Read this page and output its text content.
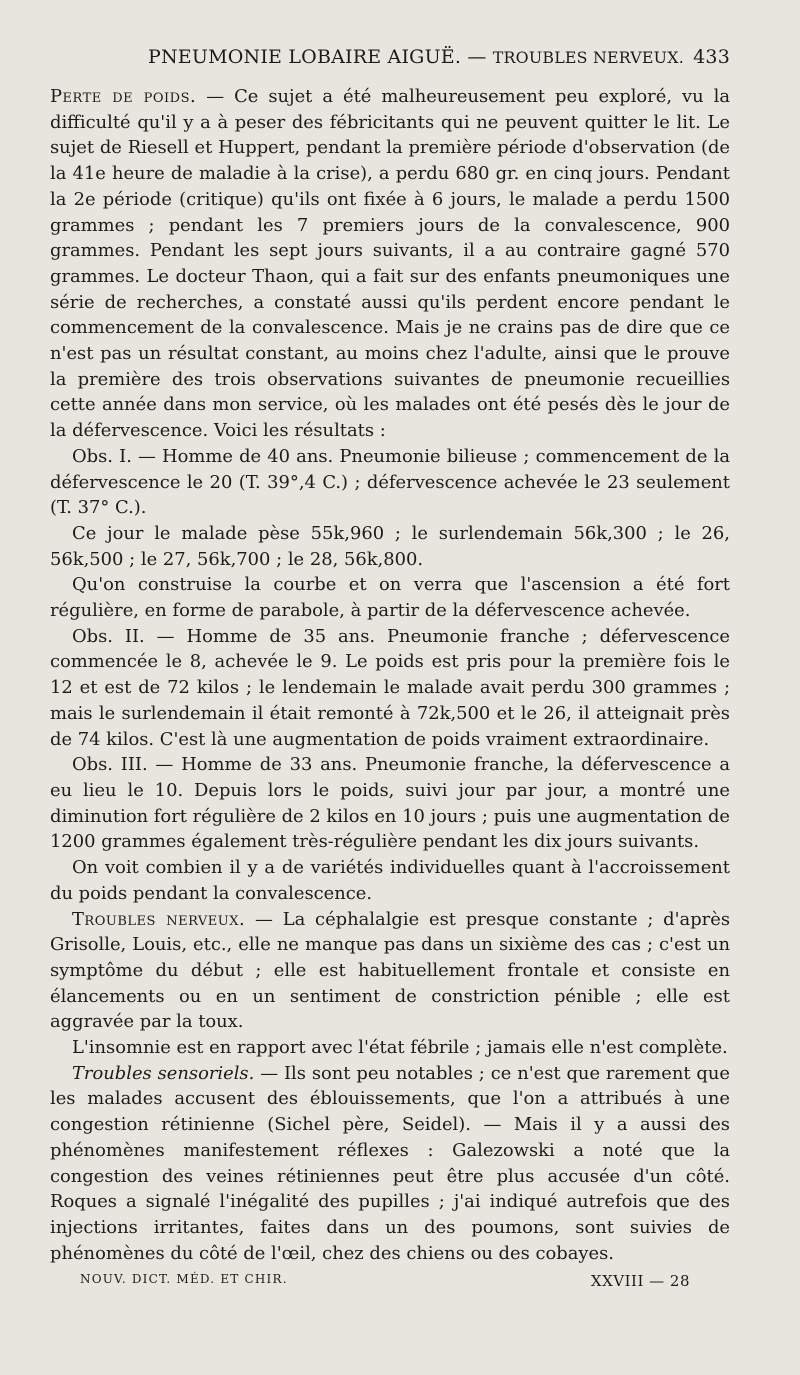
PNEUMONIE LOBAIRE AIGUË. — TROUBLES NERVEUX. 433

Perte de poids. — Ce sujet a été malheureusement peu exploré, vu la difficulté qu'il y a à peser des fébricitants qui ne peuvent quitter le lit. Le sujet de Riesell et Huppert, pendant la première période d'observation (de la 41e heure de maladie à la crise), a perdu 680 gr. en cinq jours. Pendant la 2e période (critique) qu'ils ont fixée à 6 jours, le malade a perdu 1500 grammes ; pendant les 7 premiers jours de la convalescence, 900 grammes. Pendant les sept jours suivants, il a au contraire gagné 570 grammes. Le docteur Thaon, qui a fait sur des enfants pneumoniques une série de recherches, a constaté aussi qu'ils perdent encore pendant le commencement de la convalescence. Mais je ne crains pas de dire que ce n'est pas un résultat constant, au moins chez l'adulte, ainsi que le prouve la première des trois observations suivantes de pneumonie recueillies cette année dans mon service, où les malades ont été pesés dès le jour de la défervescence. Voici les résultats :

Obs. I. — Homme de 40 ans. Pneumonie bilieuse ; commencement de la défervescence le 20 (T. 39°,4 C.) ; défervescence achevée le 23 seulement (T. 37° C.).

Ce jour le malade pèse 55k,960 ; le surlendemain 56k,300 ; le 26, 56k,500 ; le 27, 56k,700 ; le 28, 56k,800.

Qu'on construise la courbe et on verra que l'ascension a été fort régulière, en forme de parabole, à partir de la défervescence achevée.

Obs. II. — Homme de 35 ans. Pneumonie franche ; défervescence commencée le 8, achevée le 9. Le poids est pris pour la première fois le 12 et est de 72 kilos ; le lendemain le malade avait perdu 300 grammes ; mais le surlendemain il était remonté à 72k,500 et le 26, il atteignait près de 74 kilos. C'est là une augmentation de poids vraiment extraordinaire.

Obs. III. — Homme de 33 ans. Pneumonie franche, la défervescence a eu lieu le 10. Depuis lors le poids, suivi jour par jour, a montré une diminution fort régulière de 2 kilos en 10 jours ; puis une augmentation de 1200 grammes également très-régulière pendant les dix jours suivants.

On voit combien il y a de variétés individuelles quant à l'accroissement du poids pendant la convalescence.

Troubles nerveux. — La céphalalgie est presque constante ; d'après Grisolle, Louis, etc., elle ne manque pas dans un sixième des cas ; c'est un symptôme du début ; elle est habituellement frontale et consiste en élancements ou en un sentiment de constriction pénible ; elle est aggravée par la toux.

L'insomnie est en rapport avec l'état fébrile ; jamais elle n'est complète.

Troubles sensoriels. — Ils sont peu notables ; ce n'est que rarement que les malades accusent des éblouissements, que l'on a attribués à une congestion rétinienne (Sichel père, Seidel). — Mais il y a aussi des phénomènes manifestement réflexes : Galezowski a noté que la congestion des veines rétiniennes peut être plus accusée d'un côté. Roques a signalé l'inégalité des pupilles ; j'ai indiqué autrefois que des injections irritantes, faites dans un des poumons, sont suivies de phénomènes du côté de l'œil, chez des chiens ou des cobayes.

NOUV. DICT. MÉD. ET CHIR.	XXVIII — 28
